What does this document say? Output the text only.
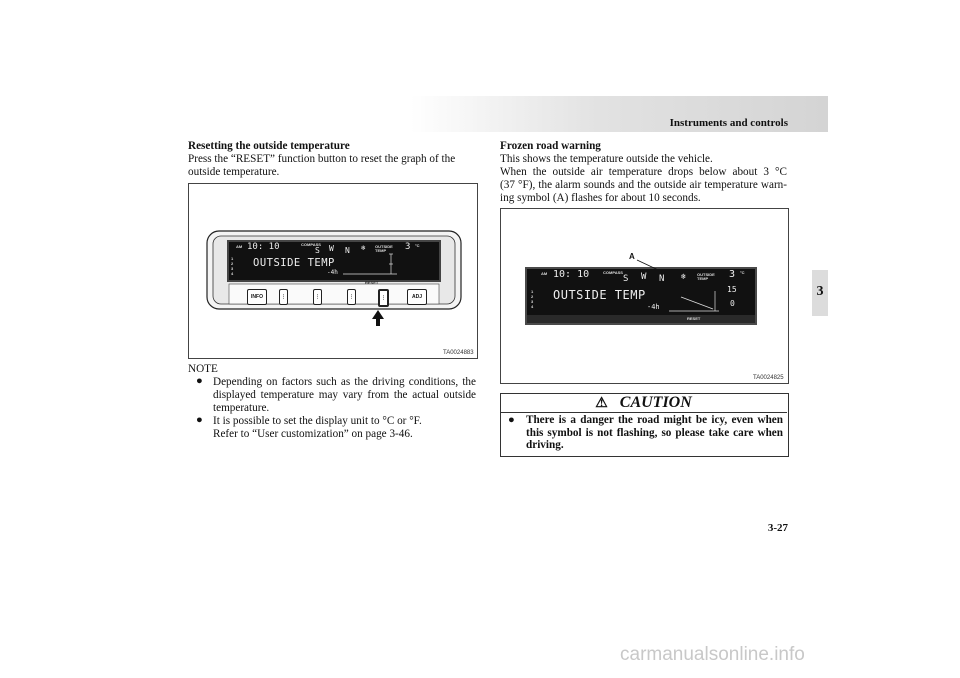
Instruments and controls
3
Resetting the outside temperature
Press the “RESET” function button to reset the graph of the
outside temperature.
AM 10: 10	COMPASS
S W N ❄ OUTSIDE TEMP	3 °C
1
2
3
4
OUTSIDE TEMP
-4h
RESET
INFO	⋮	⋮	⋮	⋮	ADJ
TA0024883
NOTE
● Depending on factors such as the driving conditions, the
displayed temperature may vary from the actual outside
temperature.
● It is possible to set the display unit to °C or °F.
Refer to “User customization” on page 3-46.
Frozen road warning
This shows the temperature outside the vehicle.
When the outside air temperature drops below about 3 °C
(37 °F), the alarm sounds and the outside air temperature warn-
ing symbol (A) flashes for about 10 seconds.
A
AM 10: 10	COMPASS
S W N ❄	OUTSIDE TEMP	3 °C
1
2
3
4
OUTSIDE TEMP
-4h
15
0
RESET
TA0024825
⚠ CAUTION
● There is a danger the road might be icy, even when
this symbol is not flashing, so please take care when
driving.
3-27
carmanualsonline.info
